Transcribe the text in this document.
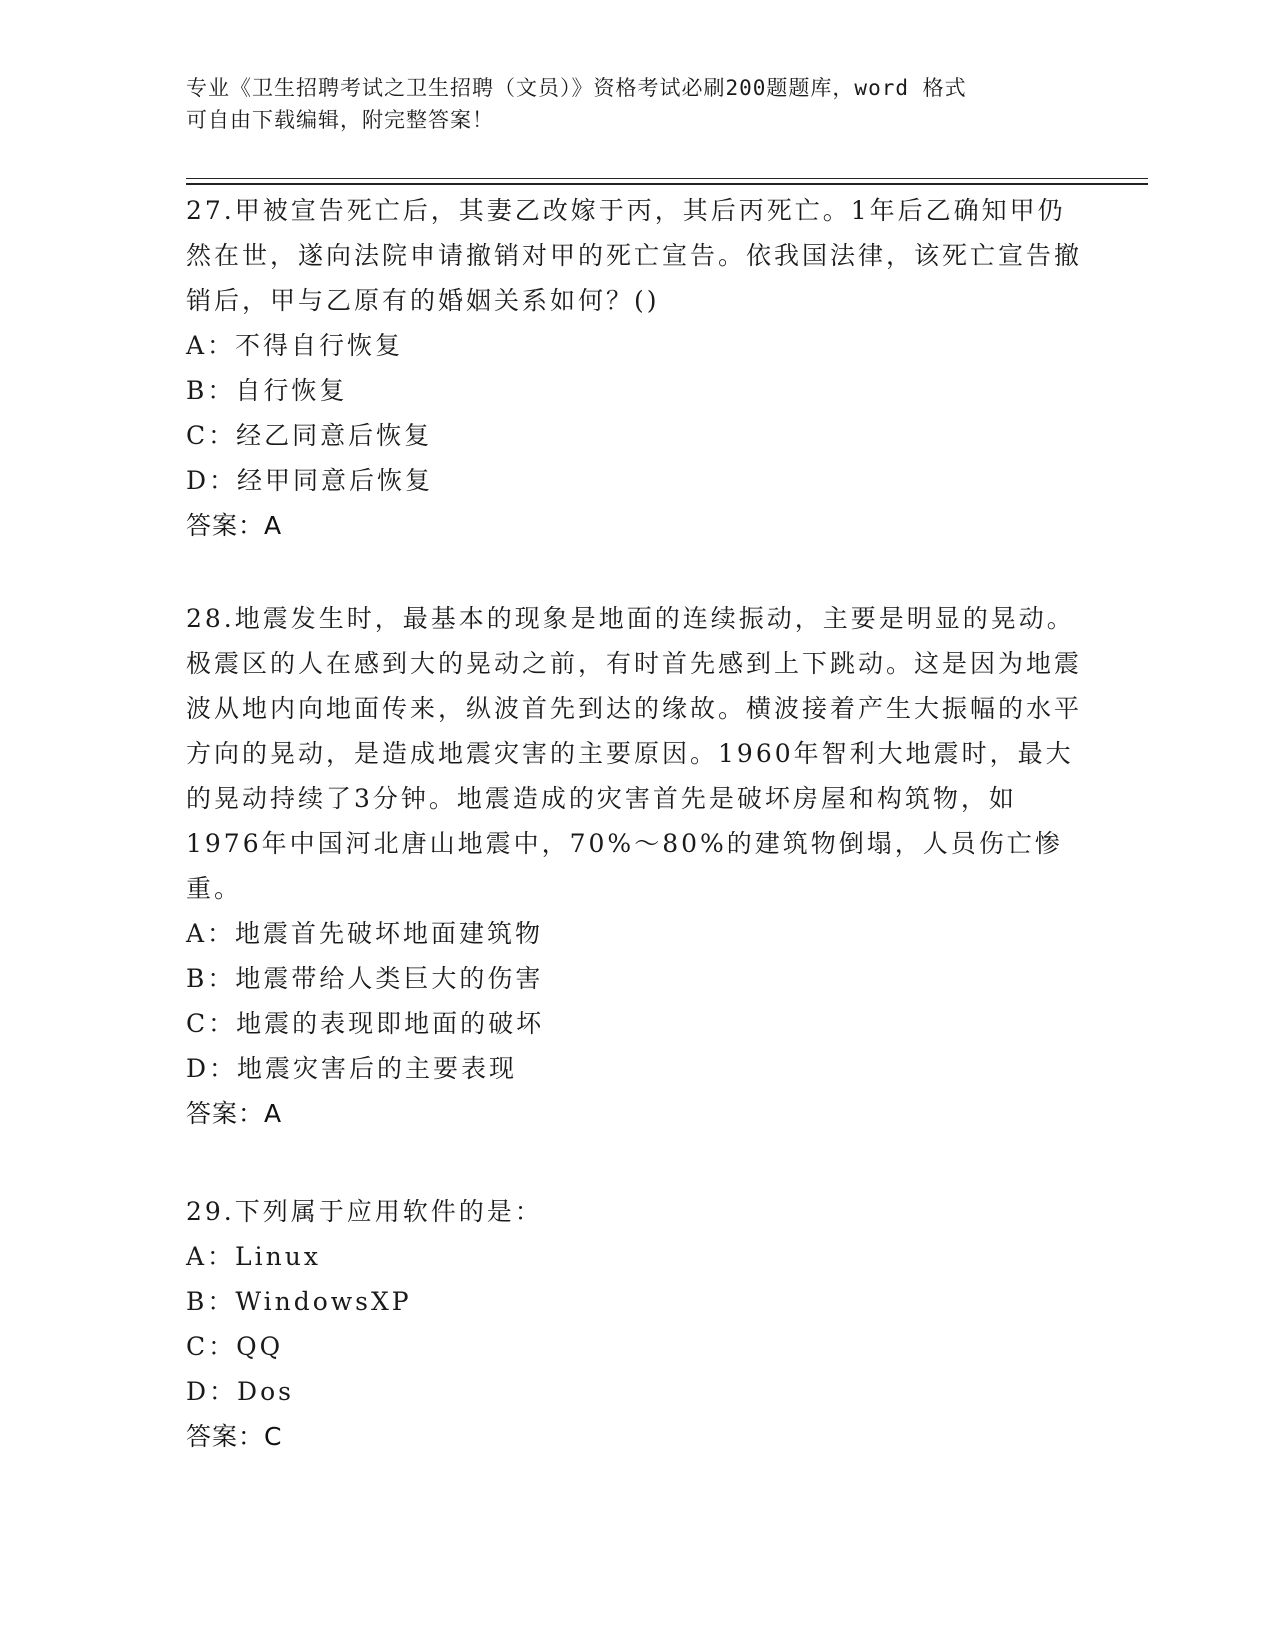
专业《卫生招聘考试之卫生招聘（文员）》资格考试必刷200题题库，word 格式
可自由下载编辑，附完整答案！

27.甲被宣告死亡后，其妻乙改嫁于丙，其后丙死亡。1年后乙确知甲仍然在世，遂向法院申请撤销对甲的死亡宣告。依我国法律，该死亡宣告撤销后，甲与乙原有的婚姻关系如何？()

A：不得自行恢复

B：自行恢复

C：经乙同意后恢复

D：经甲同意后恢复

答案：A

28.地震发生时，最基本的现象是地面的连续振动，主要是明显的晃动。极震区的人在感到大的晃动之前，有时首先感到上下跳动。这是因为地震波从地内向地面传来，纵波首先到达的缘故。横波接着产生大振幅的水平方向的晃动，是造成地震灾害的主要原因。1960年智利大地震时，最大的晃动持续了3分钟。地震造成的灾害首先是破坏房屋和构筑物，如1976年中国河北唐山地震中，70%～80%的建筑物倒塌，人员伤亡惨重。

A：地震首先破坏地面建筑物

B：地震带给人类巨大的伤害

C：地震的表现即地面的破坏

D：地震灾害后的主要表现

答案：A

29.下列属于应用软件的是：

A：Linux

B：WindowsXP

C：QQ

D：Dos

答案：C
